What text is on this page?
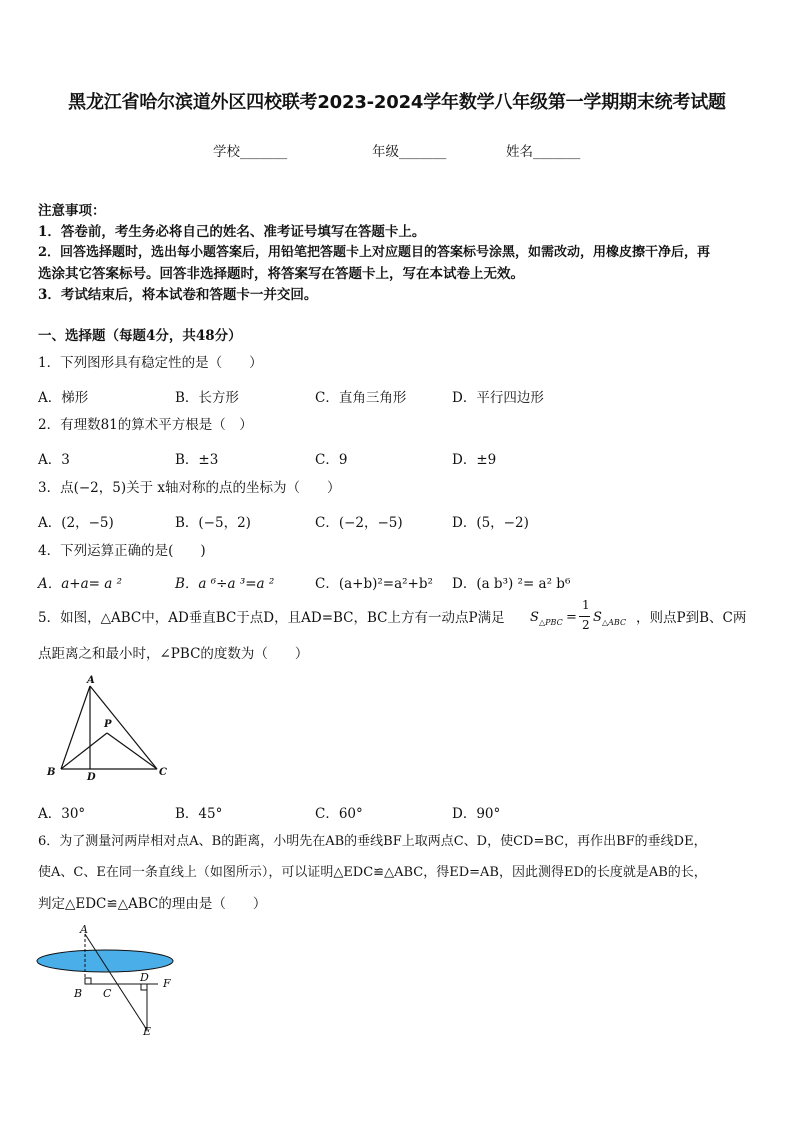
黑龙江省哈尔滨道外区四校联考2023-2024学年数学八年级第一学期期末统考试题
学校_______	年级_______	姓名_______
注意事项：
1．答卷前，考生务必将自己的姓名、准考证号填写在答题卡上。
2．回答选择题时，选出每小题答案后，用铅笔把答题卡上对应题目的答案标号涂黑，如需改动，用橡皮擦干净后，再
选涂其它答案标号。回答非选择题时，将答案写在答题卡上，写在本试卷上无效。
3．考试结束后，将本试卷和答题卡一并交回。
一、选择题（每题4分，共48分）
1．下列图形具有稳定性的是（　　）
A．梯形	B．长方形	C．直角三角形	D．平行四边形
2．有理数81的算术平方根是（　）
A．3	B．±3	C．9	D．±9
3．点(−2，5)关于 x轴对称的点的坐标为（　　）
A．(2，−5)	B．(−5，2)	C．(−2，−5)	D．(5，−2)
4．下列运算正确的是(　　)
A．a+a= a ²	B．a ⁶÷a ³=a ²	C．(a+b)²=a²+b² D．(a b³) ²= a² b⁶
5．如图，△ABC中，AD垂直BC于点D，且AD=BC，BC上方有一动点P满足 S △PBC =
1
2 S △ABC ，则点P到B、C两
点距离之和最小时，∠PBC的度数为（　　）
A
B	C
D
P
A．30°	B．45°	C．60°	D．90°
6．为了测量河两岸相对点A、B的距离，小明先在AB的垂线BF上取两点C、D，使CD=BC，再作出BF的垂线DE，
使A、C、E在同一条直线上（如图所示），可以证明△EDC≌△ABC，得ED=AB，因此测得ED的长度就是AB的长，
判定△EDC≌△ABC的理由是（　　）
A
B C
D
E
F
